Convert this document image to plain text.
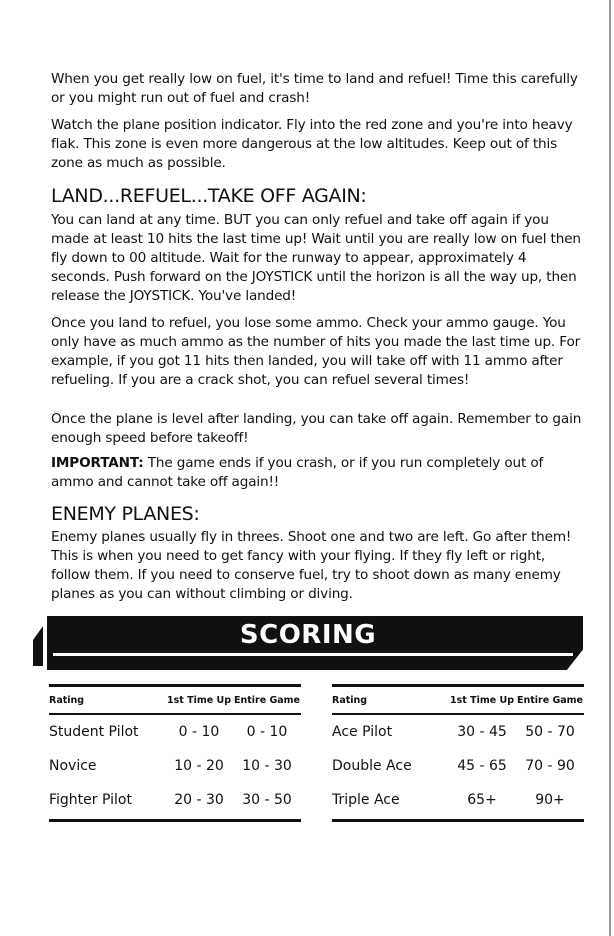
When you get really low on fuel, it's time to land and refuel! Time this carefully or you might run out of fuel and crash!

Watch the plane position indicator. Fly into the red zone and you're into heavy flak. This zone is even more dangerous at the low altitudes. Keep out of this zone as much as possible.

LAND...REFUEL...TAKE OFF AGAIN:

You can land at any time. BUT you can only refuel and take off again if you made at least 10 hits the last time up! Wait until you are really low on fuel then fly down to 00 altitude. Wait for the runway to appear, approximately 4 seconds. Push forward on the JOYSTICK until the horizon is all the way up, then release the JOYSTICK. You've landed!

Once you land to refuel, you lose some ammo. Check your ammo gauge. You only have as much ammo as the number of hits you made the last time up. For example, if you got 11 hits then landed, you will take off with 11 ammo after refueling. If you are a crack shot, you can refuel several times!

Once the plane is level after landing, you can take off again. Remember to gain enough speed before takeoff!

IMPORTANT: The game ends if you crash, or if you run completely out of ammo and cannot take off again!!

ENEMY PLANES:

Enemy planes usually fly in threes. Shoot one and two are left. Go after them! This is when you need to get fancy with your flying. If they fly left or right, follow them. If you need to conserve fuel, try to shoot down as many enemy planes as you can without climbing or diving.

SCORING
Rating	1st Time Up Entire Game
Student Pilot	0 - 10	0 - 10
Novice	10 - 20	10 - 30
Fighter Pilot	20 - 30	30 - 50
Rating	1st Time Up Entire Game
Ace Pilot	30 - 45	50 - 70
Double Ace	45 - 65	70 - 90
Triple Ace	65+	90+
